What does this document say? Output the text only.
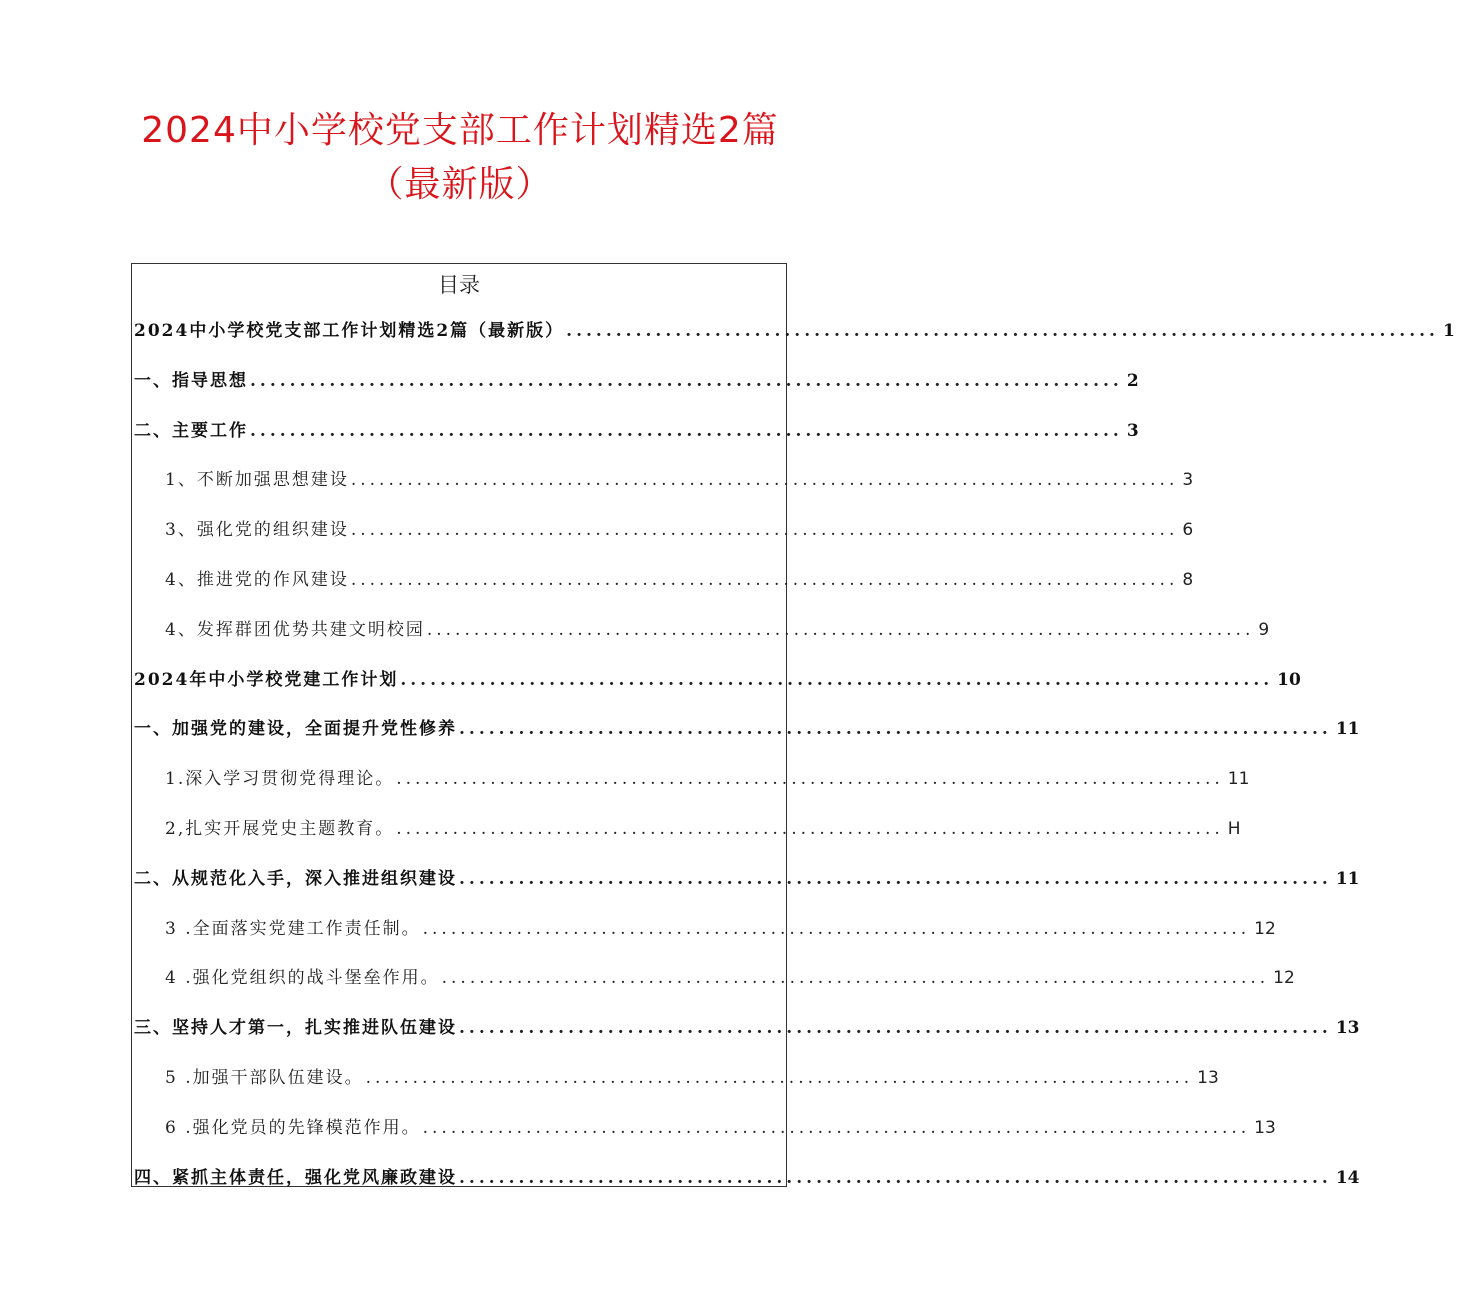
2024中小学校党支部工作计划精选2篇
（最新版）
目录
2024中小学校党支部工作计划精选2篇（最新版） ........................................................................................ 1
一、指导思想 ........................................................................................ 2
二、主要工作 ........................................................................................ 3
1、不断加强思想建设 ........................................................................................ 3
3、强化党的组织建设 ........................................................................................ 6
4、推进党的作风建设 ........................................................................................ 8
4、发挥群团优势共建文明校园 ........................................................................................ 9
2024年中小学校党建工作计划 ........................................................................................ 10
一、加强党的建设，全面提升党性修养 ........................................................................................ 11
1.深入学习贯彻党得理论。 ........................................................................................ 11
2,扎实开展党史主题教育。 ........................................................................................ H
二、从规范化入手，深入推进组织建设 ........................................................................................ 11
3 .全面落实党建工作责任制。 ........................................................................................ 12
4 .强化党组织的战斗堡垒作用。 ........................................................................................ 12
三、坚持人才第一，扎实推进队伍建设 ........................................................................................ 13
5 .加强干部队伍建设。 ........................................................................................ 13
6 .强化党员的先锋模范作用。 ........................................................................................ 13
四、紧抓主体责任，强化党风廉政建设 ........................................................................................ 14
